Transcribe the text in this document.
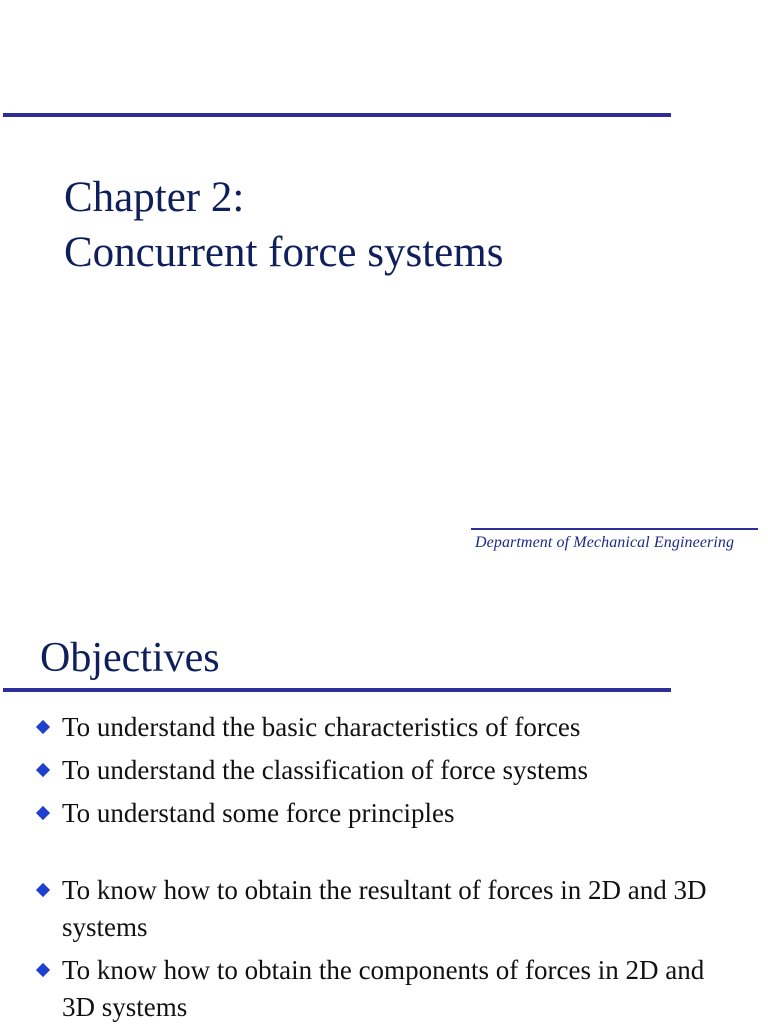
Chapter 2:
Concurrent force systems
Department of Mechanical Engineering
Objectives
To understand the basic characteristics of forces
To understand the classification of force systems
To understand some force principles
To know how to obtain the resultant of forces in 2D and 3D systems
To know how to obtain the components of forces in 2D and 3D systems
